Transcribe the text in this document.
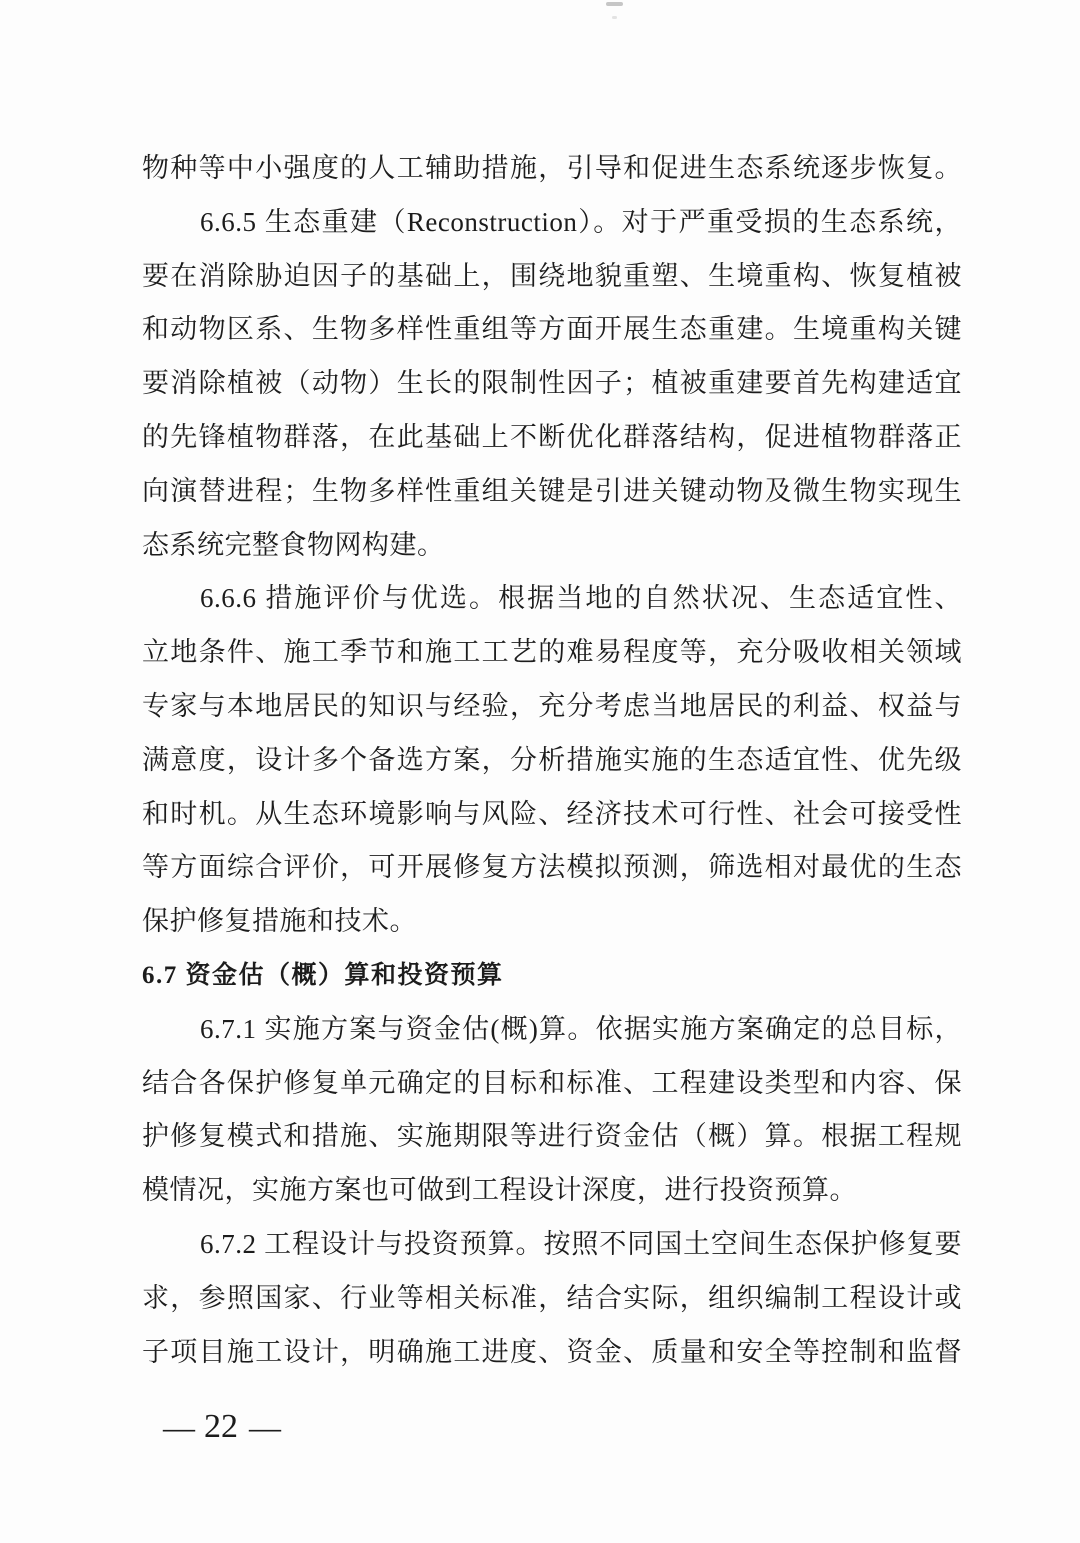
物种等中小强度的人工辅助措施，引导和促进生态系统逐步恢复。
6.6.5 生态重建（Reconstruction）。对于严重受损的生态系统，
要在消除胁迫因子的基础上，围绕地貌重塑、生境重构、恢复植被
和动物区系、生物多样性重组等方面开展生态重建。生境重构关键
要消除植被（动物）生长的限制性因子；植被重建要首先构建适宜
的先锋植物群落，在此基础上不断优化群落结构，促进植物群落正
向演替进程；生物多样性重组关键是引进关键动物及微生物实现生
态系统完整食物网构建。
6.6.6 措施评价与优选。根据当地的自然状况、生态适宜性、
立地条件、施工季节和施工工艺的难易程度等，充分吸收相关领域
专家与本地居民的知识与经验，充分考虑当地居民的利益、权益与
满意度，设计多个备选方案，分析措施实施的生态适宜性、优先级
和时机。从生态环境影响与风险、经济技术可行性、社会可接受性
等方面综合评价，可开展修复方法模拟预测，筛选相对最优的生态
保护修复措施和技术。
6.7 资金估（概）算和投资预算
6.7.1 实施方案与资金估(概)算。依据实施方案确定的总目标，
结合各保护修复单元确定的目标和标准、工程建设类型和内容、保
护修复模式和措施、实施期限等进行资金估（概）算。根据工程规
模情况，实施方案也可做到工程设计深度，进行投资预算。
6.7.2 工程设计与投资预算。按照不同国土空间生态保护修复要
求，参照国家、行业等相关标准，结合实际，组织编制工程设计或
子项目施工设计，明确施工进度、资金、质量和安全等控制和监督
— 22 —
